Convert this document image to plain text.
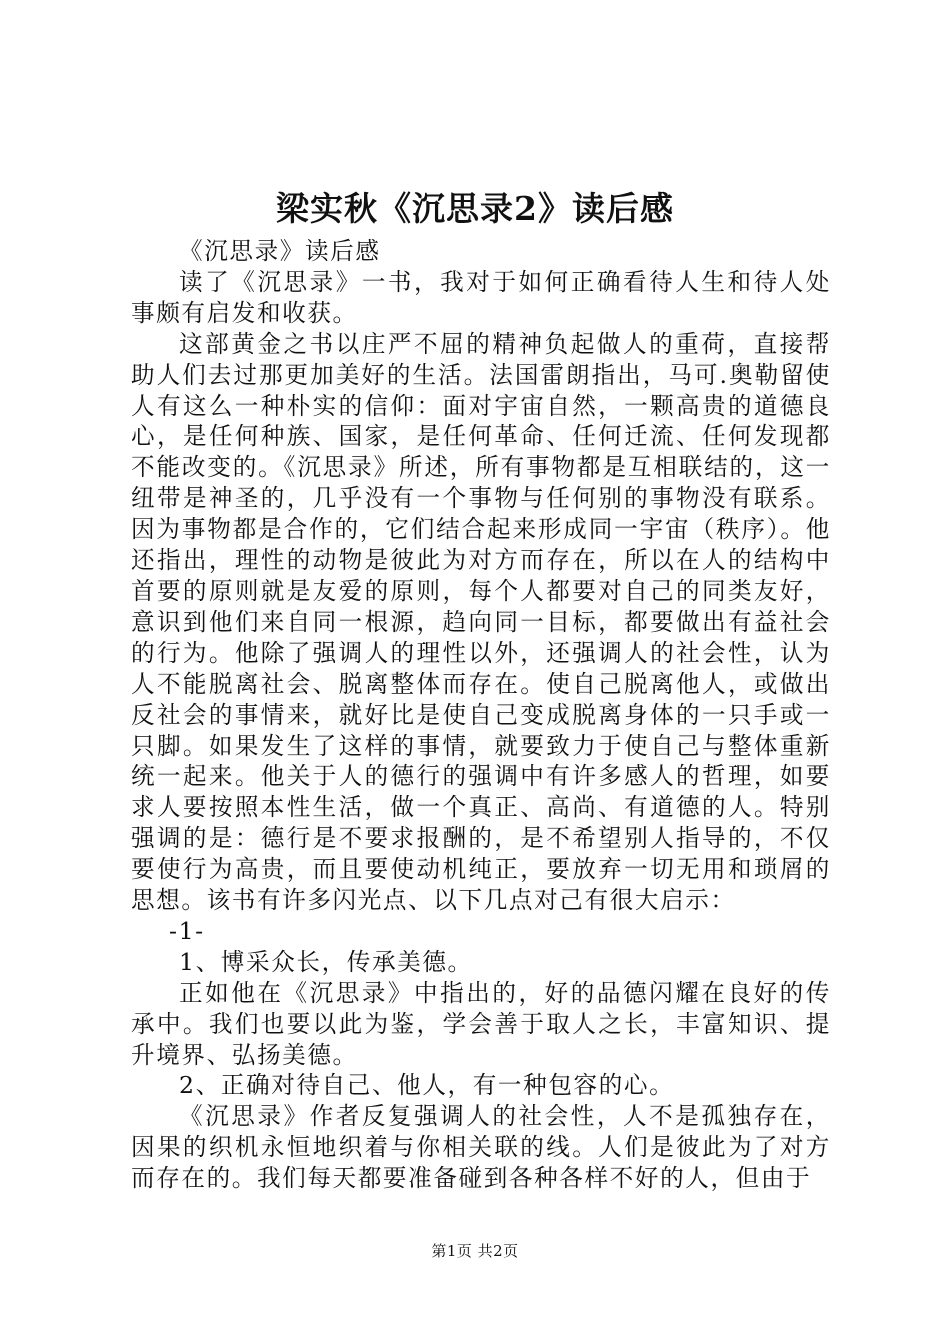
梁实秋《沉思录2》读后感

《沉思录》读后感

读了《沉思录》一书，我对于如何正确看待人生和待人处事颇有启发和收获。

这部黄金之书以庄严不屈的精神负起做人的重荷，直接帮助人们去过那更加美好的生活。法国雷朗指出，马可.奥勒留使人有这么一种朴实的信仰：面对宇宙自然，一颗高贵的道德良心，是任何种族、国家，是任何革命、任何迁流、任何发现都不能改变的。《沉思录》所述，所有事物都是互相联结的，这一纽带是神圣的，几乎没有一个事物与任何别的事物没有联系。因为事物都是合作的，它们结合起来形成同一宇宙（秩序）。他还指出，理性的动物是彼此为对方而存在，所以在人的结构中首要的原则就是友爱的原则，每个人都要对自己的同类友好，意识到他们来自同一根源，趋向同一目标，都要做出有益社会的行为。他除了强调人的理性以外，还强调人的社会性，认为人不能脱离社会、脱离整体而存在。使自己脱离他人，或做出反社会的事情来，就好比是使自己变成脱离身体的一只手或一只脚。如果发生了这样的事情，就要致力于使自己与整体重新统一起来。他关于人的德行的强调中有许多感人的哲理，如要求人要按照本性生活，做一个真正、高尚、有道德的人。特别强调的是：德行是不要求报酬的，是不希望别人指导的，不仅要使行为高贵，而且要使动机纯正，要放弃一切无用和琐屑的思想。该书有许多闪光点、以下几点对己有很大启示：

-1-

1、博采众长，传承美德。

正如他在《沉思录》中指出的，好的品德闪耀在良好的传承中。我们也要以此为鉴，学会善于取人之长，丰富知识、提升境界、弘扬美德。

2、正确对待自己、他人，有一种包容的心。

《沉思录》作者反复强调人的社会性，人不是孤独存在，因果的织机永恒地织着与你相关联的线。人们是彼此为了对方而存在的。我们每天都要准备碰到各种各样不好的人，但由于

第1页 共2页
